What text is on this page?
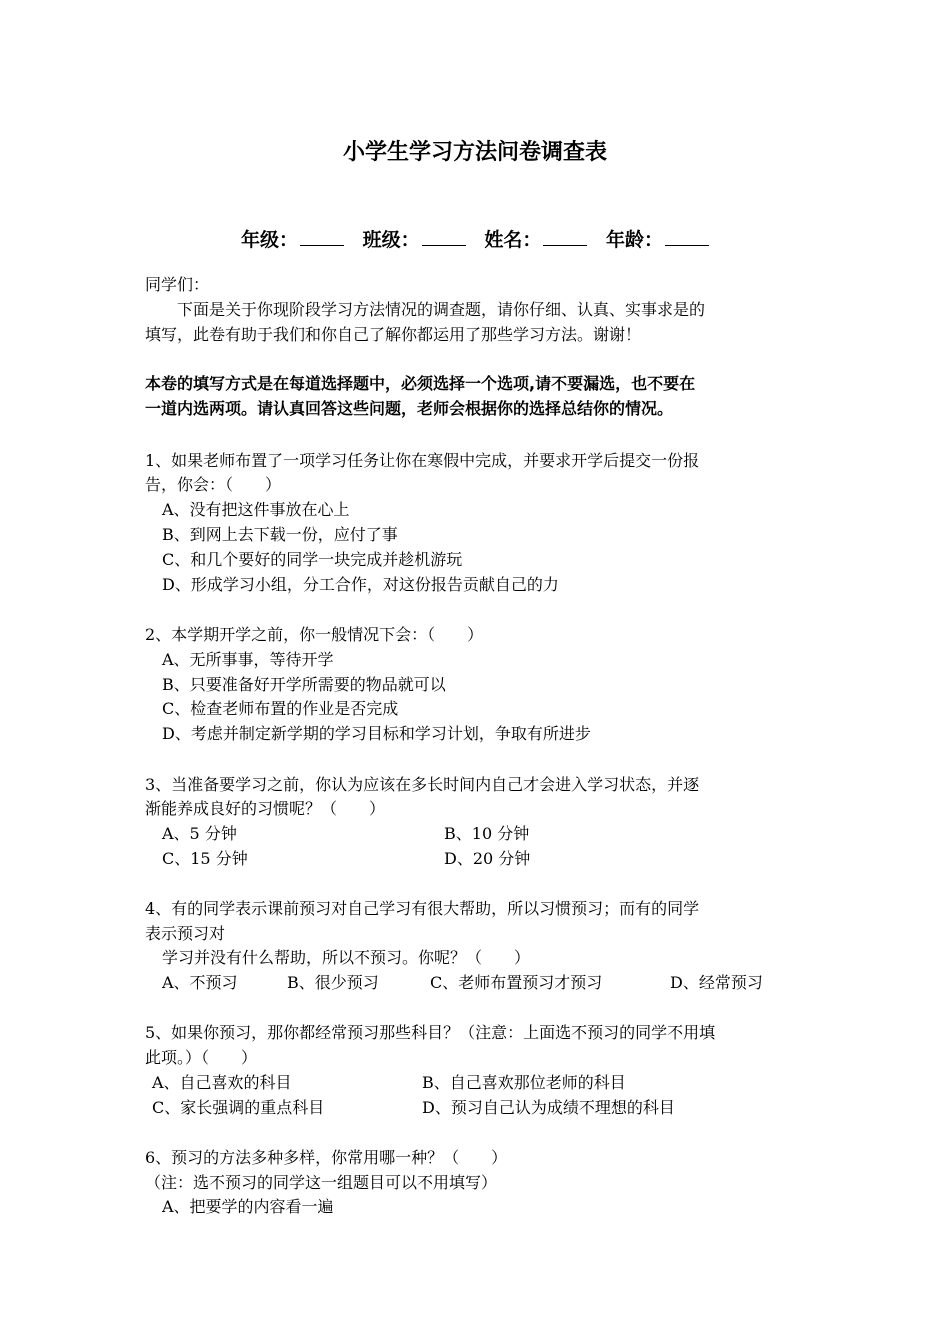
小学生学习方法问卷调查表
年级：	班级：	姓名：	年龄：
同学们：
下面是关于你现阶段学习方法情况的调查题，请你仔细、认真、实事求是的
填写，此卷有助于我们和你自己了解你都运用了那些学习方法。谢谢！
本卷的填写方式是在每道选择题中，必须选择一个选项,请不要漏选，也不要在
一道内选两项。请认真回答这些问题，老师会根据你的选择总结你的情况。
1、如果老师布置了一项学习任务让你在寒假中完成，并要求开学后提交一份报
告，你会：（　　）
A、没有把这件事放在心上
B、到网上去下载一份，应付了事
C、和几个要好的同学一块完成并趁机游玩
D、形成学习小组，分工合作，对这份报告贡献自己的力
2、本学期开学之前，你一般情况下会：（　　）
A、无所事事，等待开学
B、只要准备好开学所需要的物品就可以
C、检查老师布置的作业是否完成
D、考虑并制定新学期的学习目标和学习计划，争取有所进步
3、当准备要学习之前，你认为应该在多长时间内自己才会进入学习状态，并逐
渐能养成良好的习惯呢？（　　）
A、5 分钟	B、10 分钟
C、15 分钟	D、20 分钟
4、有的同学表示课前预习对自己学习有很大帮助，所以习惯预习；而有的同学
表示预习对
学习并没有什么帮助，所以不预习。你呢？（　　）
A、不预习	B、很少预习	C、老师布置预习才预习	D、经常预习
5、如果你预习，那你都经常预习那些科目？（注意：上面选不预习的同学不用填
此项。）（　　）
A、自己喜欢的科目	B、自己喜欢那位老师的科目
C、家长强调的重点科目	D、预习自己认为成绩不理想的科目
6、预习的方法多种多样，你常用哪一种？（　　）
（注：选不预习的同学这一组题目可以不用填写）
A、把要学的内容看一遍
